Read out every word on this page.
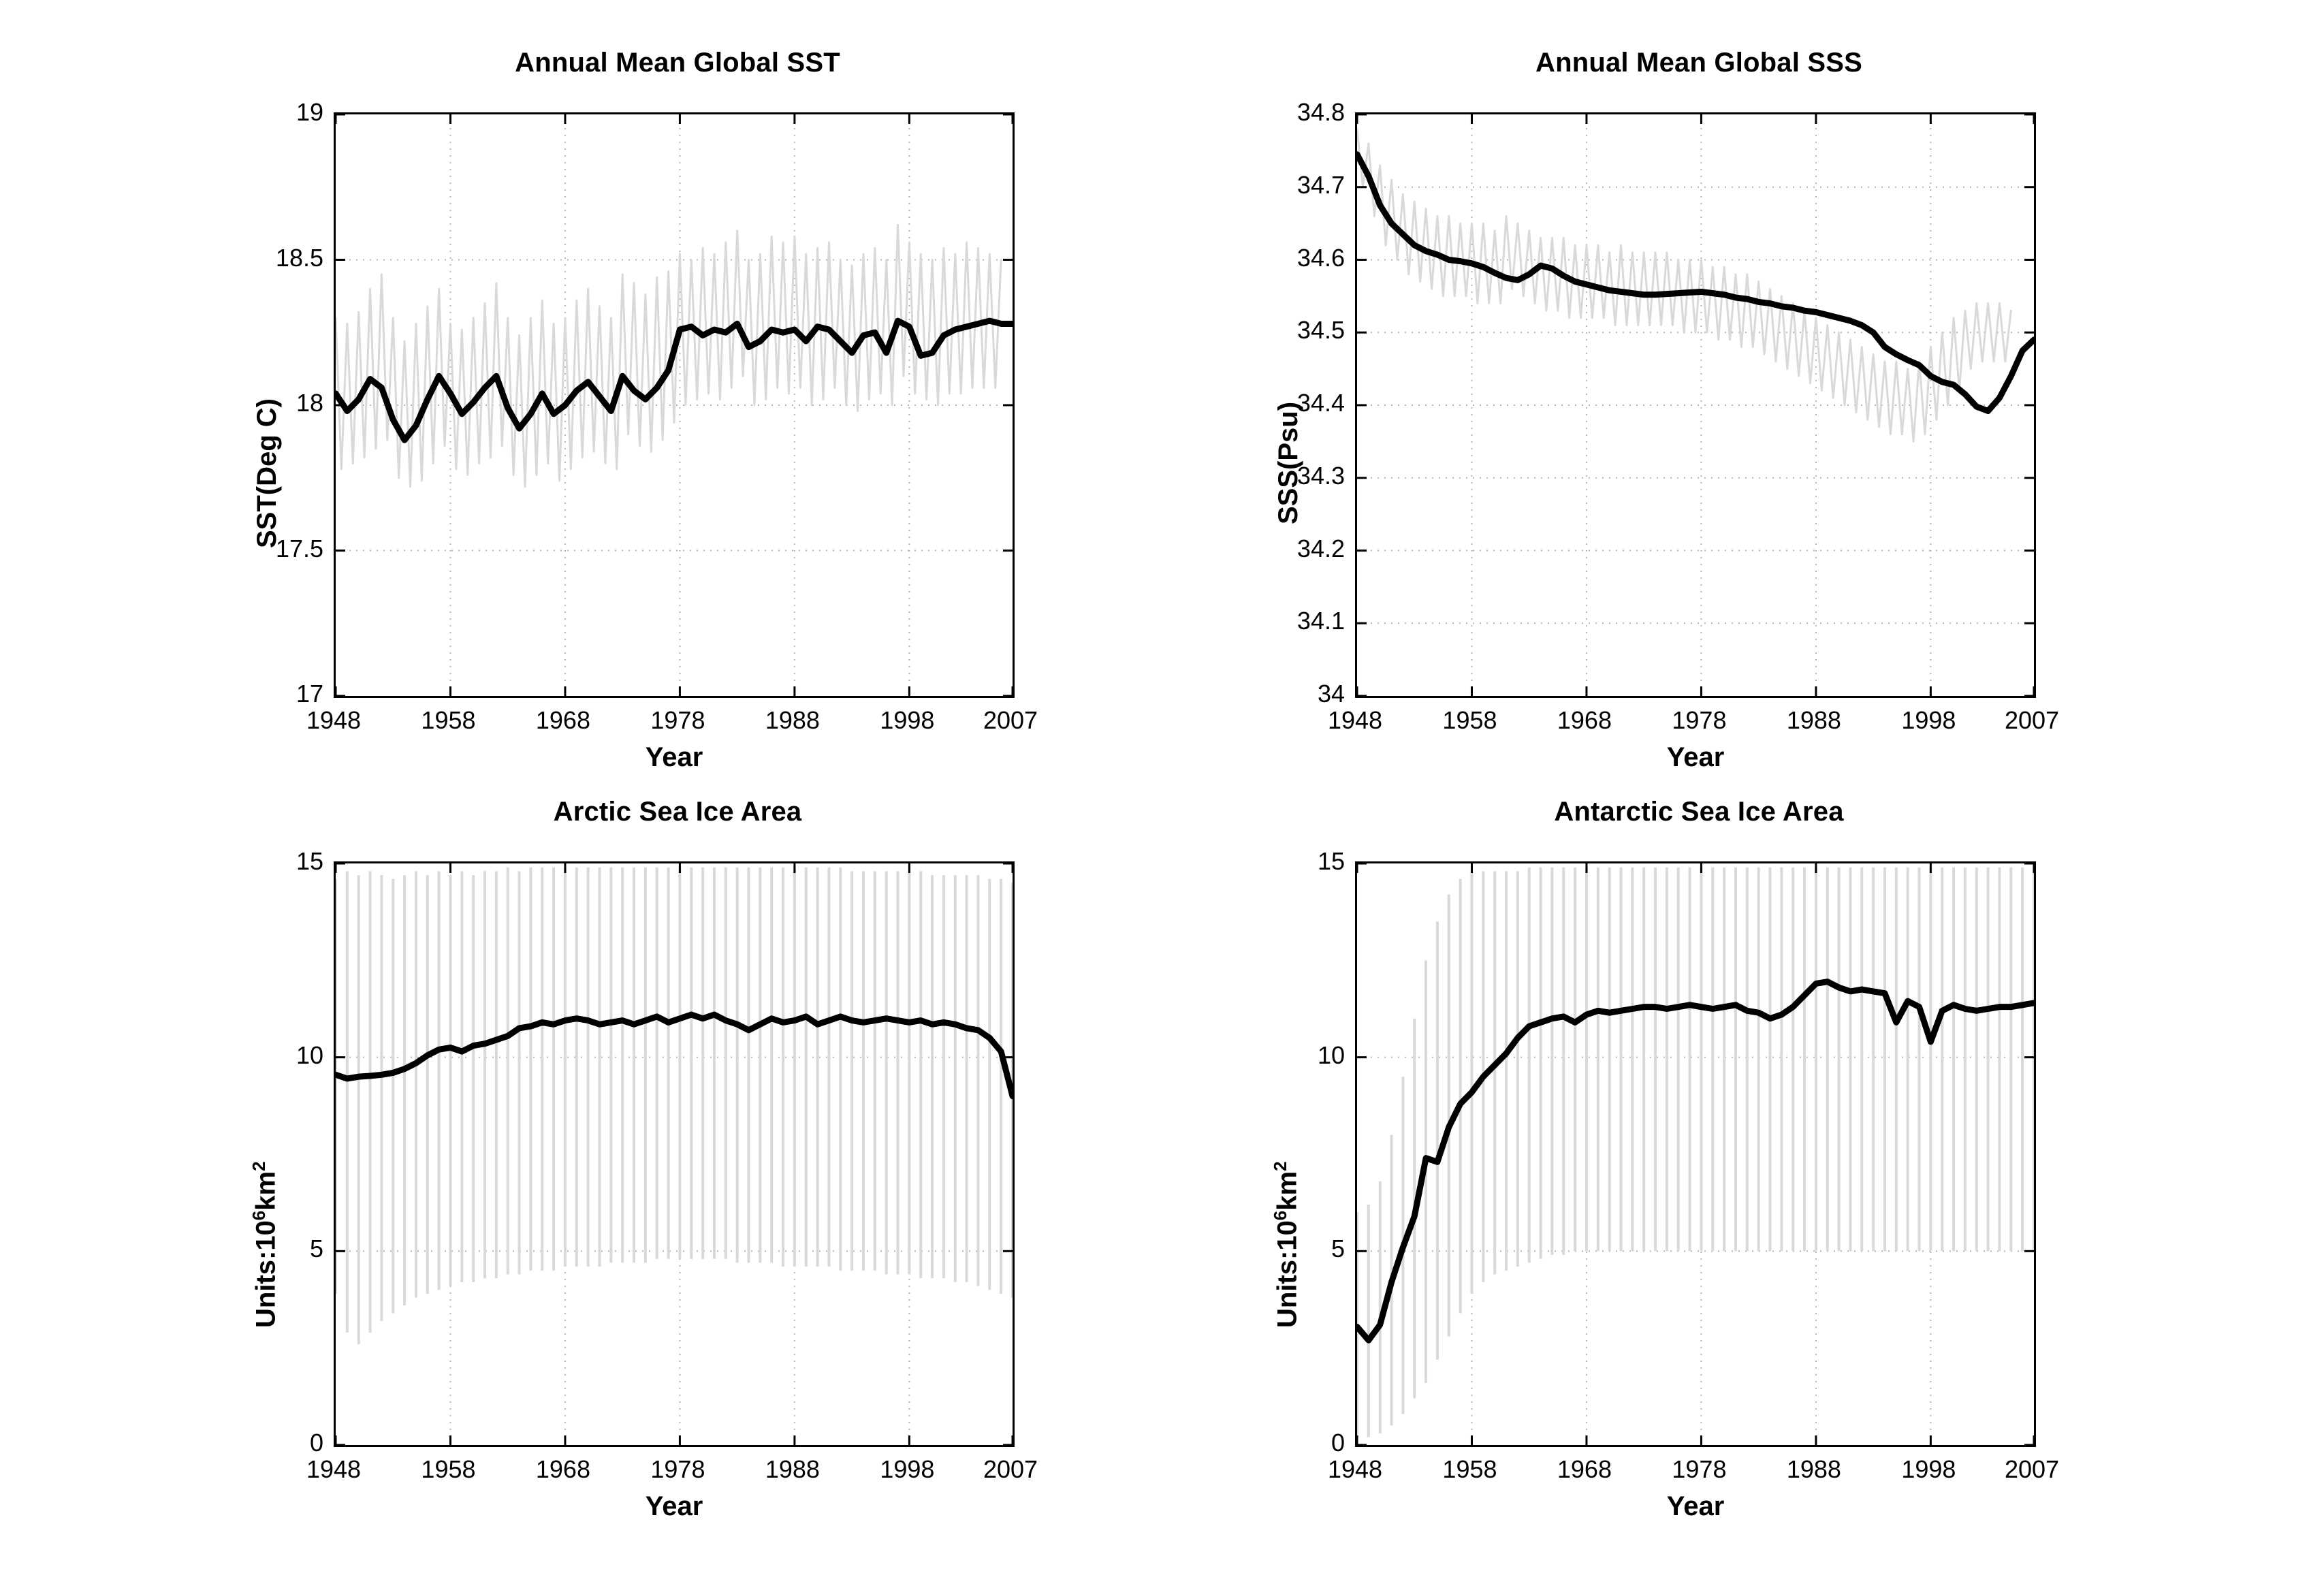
Annual Mean Global SST
17
17.5
18
18.5
19
1948 1958 1968 1978 1988 1998 2007
SST(Deg C)
Year
Annual Mean Global SSS
34
34.1
34.2
34.3
34.4
34.5
34.6
34.7
34.8
1948 1958 1968 1978 1988 1998 2007
SSS(Psu)
Year
Arctic Sea Ice Area
0
5
10
15
1948 1958 1968 1978 1988 1998 2007
$Units:10^6km^2$
Year
Antarctic Sea Ice Area
0
5
10
15
1948 1958 1968 1978 1988 1998 2007
$Units:10^6km^2$
Year
